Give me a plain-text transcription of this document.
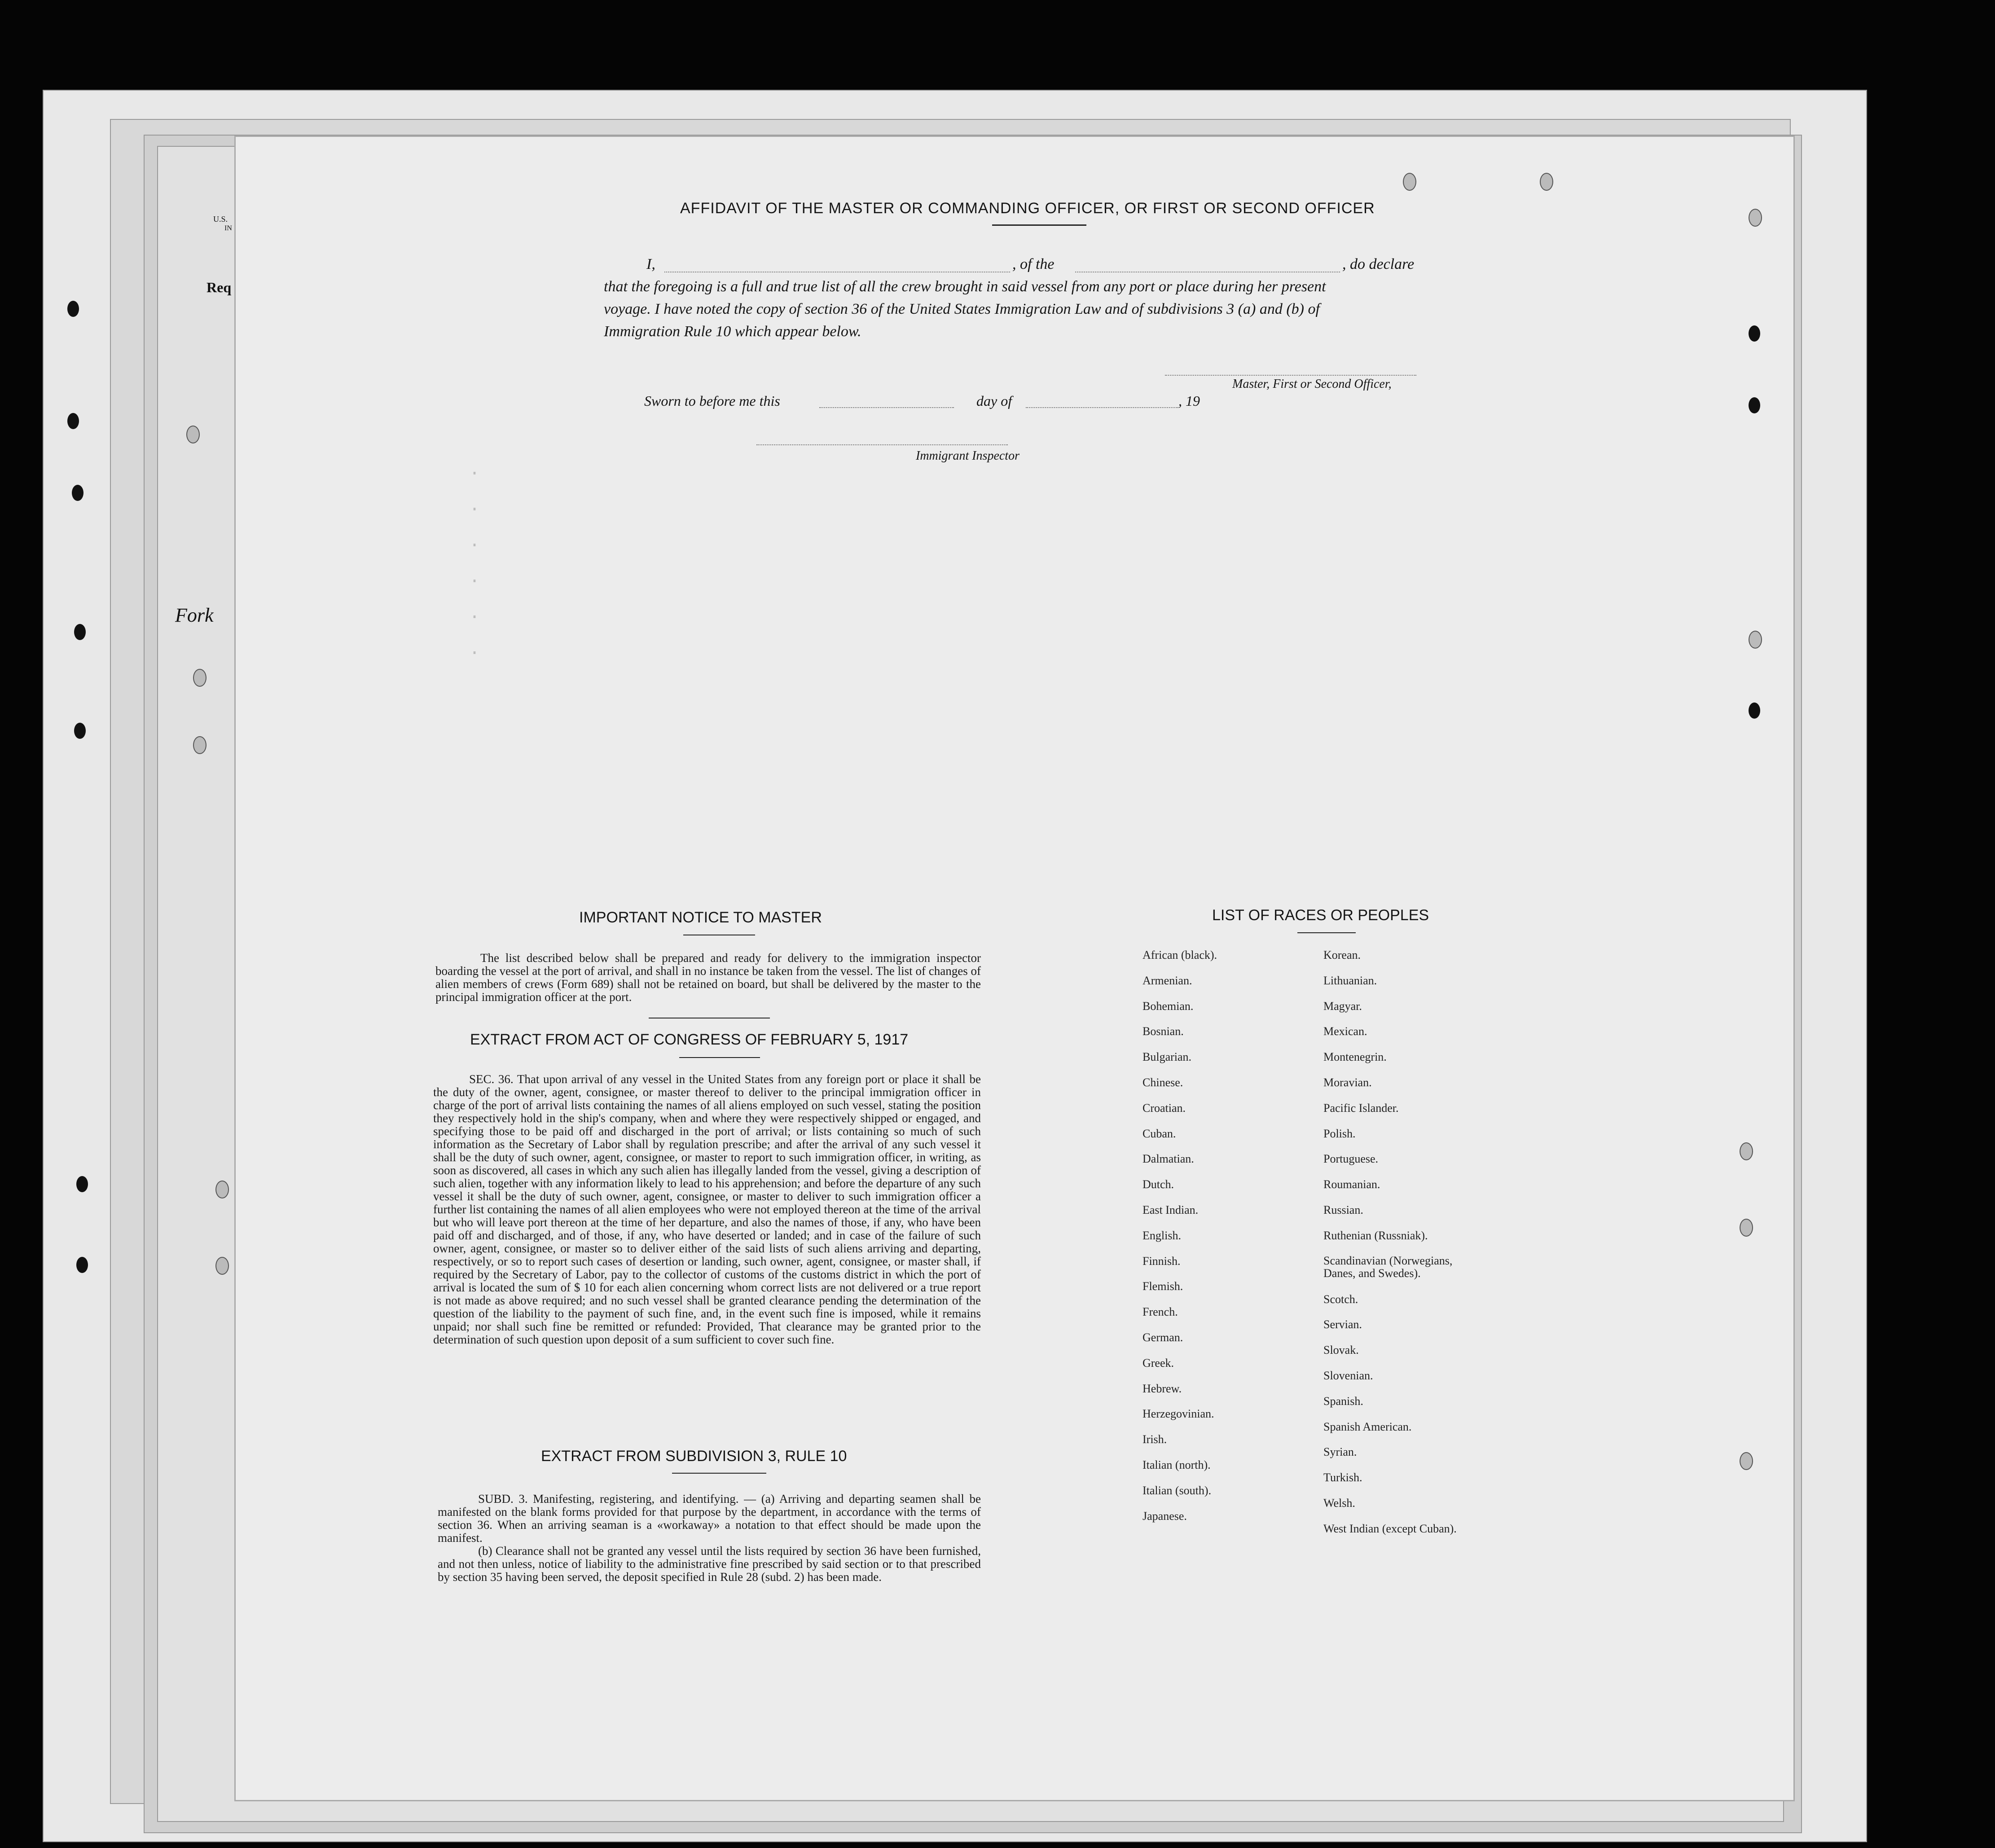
U.S.
IN
Req
Fork
.
.
.
.
.
.
AFFIDAVIT OF THE MASTER OR COMMANDING OFFICER, OR FIRST OR SECOND OFFICER
I,	, of the	, do declare
that the foregoing is a full and true list of all the crew brought in said vessel from any port or place during her present
voyage. I have noted the copy of section 36 of the United States Immigration Law and of subdivisions 3 (a) and (b) of
Immigration Rule 10 which appear below.
Master, First or Second Officer,
Sworn to before me this	day of	, 19
Immigrant Inspector
IMPORTANT NOTICE TO MASTER
The list described below shall be prepared and ready for delivery to the immigration inspector boarding the vessel at the port of arrival, and shall in no instance be taken from the vessel. The list of changes of alien members of crews (Form 689) shall not be retained on board, but shall be delivered by the master to the principal immigration officer at the port.
EXTRACT FROM ACT OF CONGRESS OF FEBRUARY 5, 1917
SEC. 36. That upon arrival of any vessel in the United States from any foreign port or place it shall be the duty of the owner, agent, consignee, or master thereof to deliver to the principal immigration officer in charge of the port of arrival lists containing the names of all aliens employed on such vessel, stating the position they respectively hold in the ship's company, when and where they were respectively shipped or engaged, and specifying those to be paid off and discharged in the port of arrival; or lists containing so much of such information as the Secretary of Labor shall by regulation prescribe; and after the arrival of any such vessel it shall be the duty of such owner, agent, consignee, or master to report to such immigration officer, in writing, as soon as discovered, all cases in which any such alien has illegally landed from the vessel, giving a description of such alien, together with any information likely to lead to his apprehension; and before the departure of any such vessel it shall be the duty of such owner, agent, consignee, or master to deliver to such immigration officer a further list containing the names of all alien employees who were not employed thereon at the time of the arrival but who will leave port thereon at the time of her departure, and also the names of those, if any, who have been paid off and discharged, and of those, if any, who have deserted or landed; and in case of the failure of such owner, agent, consignee, or master so to deliver either of the said lists of such aliens arriving and departing, respectively, or so to report such cases of desertion or landing, such owner, agent, consignee, or master shall, if required by the Secretary of Labor, pay to the collector of customs of the customs district in which the port of arrival is located the sum of $ 10 for each alien concerning whom correct lists are not delivered or a true report is not made as above required; and no such vessel shall be granted clearance pending the determination of the question of the liability to the payment of such fine, and, in the event such fine is imposed, while it remains unpaid; nor shall such fine be remitted or refunded: Provided, That clearance may be granted prior to the determination of such question upon deposit of a sum sufficient to cover such fine.
EXTRACT FROM SUBDIVISION 3, RULE 10
SUBD. 3. Manifesting, registering, and identifying. — (a) Arriving and departing seamen shall be manifested on the blank forms provided for that purpose by the department, in accordance with the terms of section 36. When an arriving seaman is a «workaway» a notation to that effect should be made upon the manifest.
(b) Clearance shall not be granted any vessel until the lists required by section 36 have been furnished, and not then unless, notice of liability to the administrative fine prescribed by said section or to that prescribed by section 35 having been served, the deposit specified in Rule 28 (subd. 2) has been made.
LIST OF RACES OR PEOPLES
African (black).
Armenian.
Bohemian.
Bosnian.
Bulgarian.
Chinese.
Croatian.
Cuban.
Dalmatian.
Dutch.
East Indian.
English.
Finnish.
Flemish.
French.
German.
Greek.
Hebrew.
Herzegovinian.
Irish.
Italian (north).
Italian (south).
Japanese.
Korean.
Lithuanian.
Magyar.
Mexican.
Montenegrin.
Moravian.
Pacific Islander.
Polish.
Portuguese.
Roumanian.
Russian.
Ruthenian (Russniak).
Scandinavian (Norwegians, Danes, and Swedes).
Scotch.
Servian.
Slovak.
Slovenian.
Spanish.
Spanish American.
Syrian.
Turkish.
Welsh.
West Indian (except Cuban).
